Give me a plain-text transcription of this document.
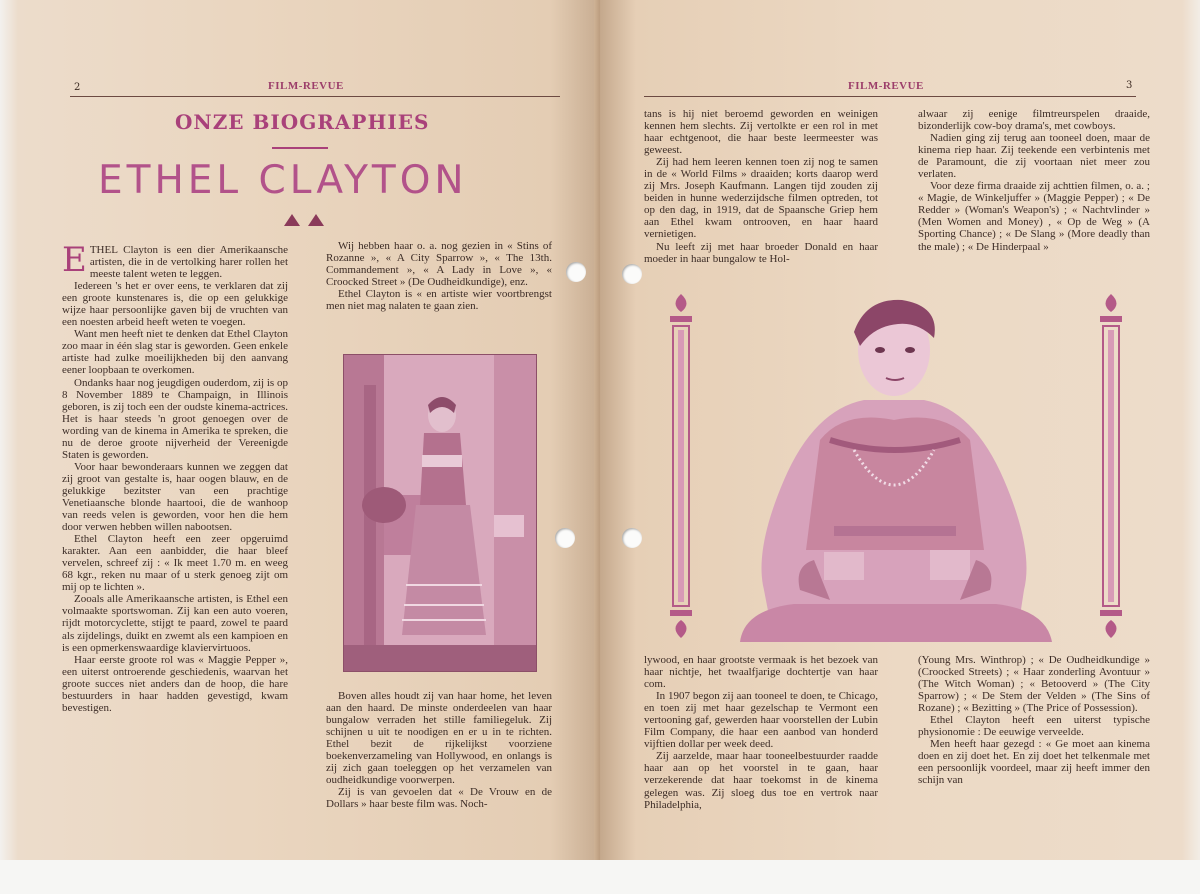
2	FILM-REVUE
ONZE BIOGRAPHIES
ETHEL CLAYTON

ETHEL Clayton is een dier Amerikaansche artisten, die in de vertolking harer rollen het meeste talent weten te leggen.

Iedereen 's het er over eens, te verklaren dat zij een groote kunstenares is, die op een gelukkige wijze haar persoonlijke gaven bij de vruchten van een noesten arbeid heeft weten te voegen.

Want men heeft niet te denken dat Ethel Clayton zoo maar in één slag star is geworden. Geen enkele artiste had zulke moeilijkheden bij den aanvang eener loopbaan te overkomen.

Ondanks haar nog jeugdigen ouderdom, zij is op 8 November 1889 te Champaign, in Illinois geboren, is zij toch een der oudste kinema-actrices. Het is haar steeds 'n groot genoegen over de wording van de kinema in Amerika te spreken, die nu de deroe groote nijverheid der Vereenigde Staten is geworden.

Voor haar bewonderaars kunnen we zeggen dat zij groot van gestalte is, haar oogen blauw, en de gelukkige bezitster van een prachtige Venetiaansche blonde haartooi, die de wanhoop van reeds velen is geworden, voor hen die hem door verwen hebben willen nabootsen.

Ethel Clayton heeft een zeer opgeruimd karakter. Aan een aanbidder, die haar bleef vervelen, schreef zij : « Ik meet 1.70 m. en weeg 68 kgr., reken nu maar of u sterk genoeg zijt om mij op te lichten ».

Zooals alle Amerikaansche artisten, is Ethel een volmaakte sportswoman. Zij kan een auto voeren, rijdt motorcyclette, stijgt te paard, zowel te paard als zijdelings, duikt en zwemt als een kampioen en is een opmerkenswaardige klaviervirtuoos.

Haar eerste groote rol was « Maggie Pepper », een uiterst ontroerende geschiedenis, waarvan het groote succes niet anders dan de hoop, die hare bestuurders in haar hadden gevestigd, kwam bevestigen.

Wij hebben haar o. a. nog gezien in « Stins of Rozanne », « A City Sparrow », « The 13th. Commandement », « A Lady in Love », « Croocked Street » (De Oudheidkundige), enz.

Ethel Clayton is « en artiste wier voortbrengst men niet mag nalaten te gaan zien.

Boven alles houdt zij van haar home, het leven aan den haard. De minste onderdeelen van haar bungalow verraden het stille familiegeluk. Zij schijnen u uit te noodigen en er u in te richten. Ethel bezit de rijkelijkst voorziene boekenverzameling van Hollywood, en onlangs is zij zich gaan toeleggen op het verzamelen van oudheidkundige voorwerpen.

Zij is van gevoelen dat « De Vrouw en de Dollars » haar beste film was. Noch-

FILM-REVUE	3

tans is hij niet beroemd geworden en weinigen kennen hem slechts. Zij vertolkte er een rol in met haar echtgenoot, die haar beste leermeester was geweest.

Zij had hem leeren kennen toen zij nog te samen in de « World Films » draaiden; korts daarop werd zij Mrs. Joseph Kaufmann. Langen tijd zouden zij beiden in hunne wederzijdsche filmen optreden, tot op den dag, in 1919, dat de Spaansche Griep hem aan Ethel kwam ontrooven, en haar haard vernietigen.

Nu leeft zij met haar broeder Donald en haar moeder in haar bungalow te Hol-

alwaar zij eenige filmtreurspelen draaide, bizonderlijk cow-boy drama's, met cowboys.

Nadien ging zij terug aan tooneel doen, maar de kinema riep haar. Zij teekende een verbintenis met de Paramount, die zij voortaan niet meer zou verlaten.

Voor deze firma draaide zij achttien filmen, o. a. ; « Magie, de Winkeljuffer » (Maggie Pepper) ; « De Redder » (Woman's Weapon's) ; « Nachtvlinder » (Men Women and Money) , « Op de Weg » (A Sporting Chance) ; « De Slang » (More deadly than the male) ; « De Hinderpaal »

lywood, en haar grootste vermaak is het bezoek van haar nichtje, het twaalfjarige dochtertje van haar com.

In 1907 begon zij aan tooneel te doen, te Chicago, en toen zij met haar gezelschap te Vermont een vertooning gaf, gewerden haar voorstellen der Lubin Film Company, die haar een aanbod van honderd vijftien dollar per week deed.

Zij aarzelde, maar haar tooneelbestuurder raadde haar aan op het voorstel in te gaan, haar verzekerende dat haar toekomst in de kinema gelegen was. Zij sloeg dus toe en vertrok naar Philadelphia,

(Young Mrs. Winthrop) ; « De Oudheidkundige » (Croocked Streets) ; « Haar zonderling Avontuur » (The Witch Woman) ; « Betooverd » (The City Sparrow) ; « De Stem der Velden » (The Sins of Rozane) ; « Bezitting » (The Price of Possession).

Ethel Clayton heeft een uiterst typische physionomie : De eeuwige verveelde.

Men heeft haar gezegd : « Ge moet aan kinema doen en zij doet het. En zij doet het telkenmale met een persoonlijk voordeel, maar zij heeft immer den schijn van
